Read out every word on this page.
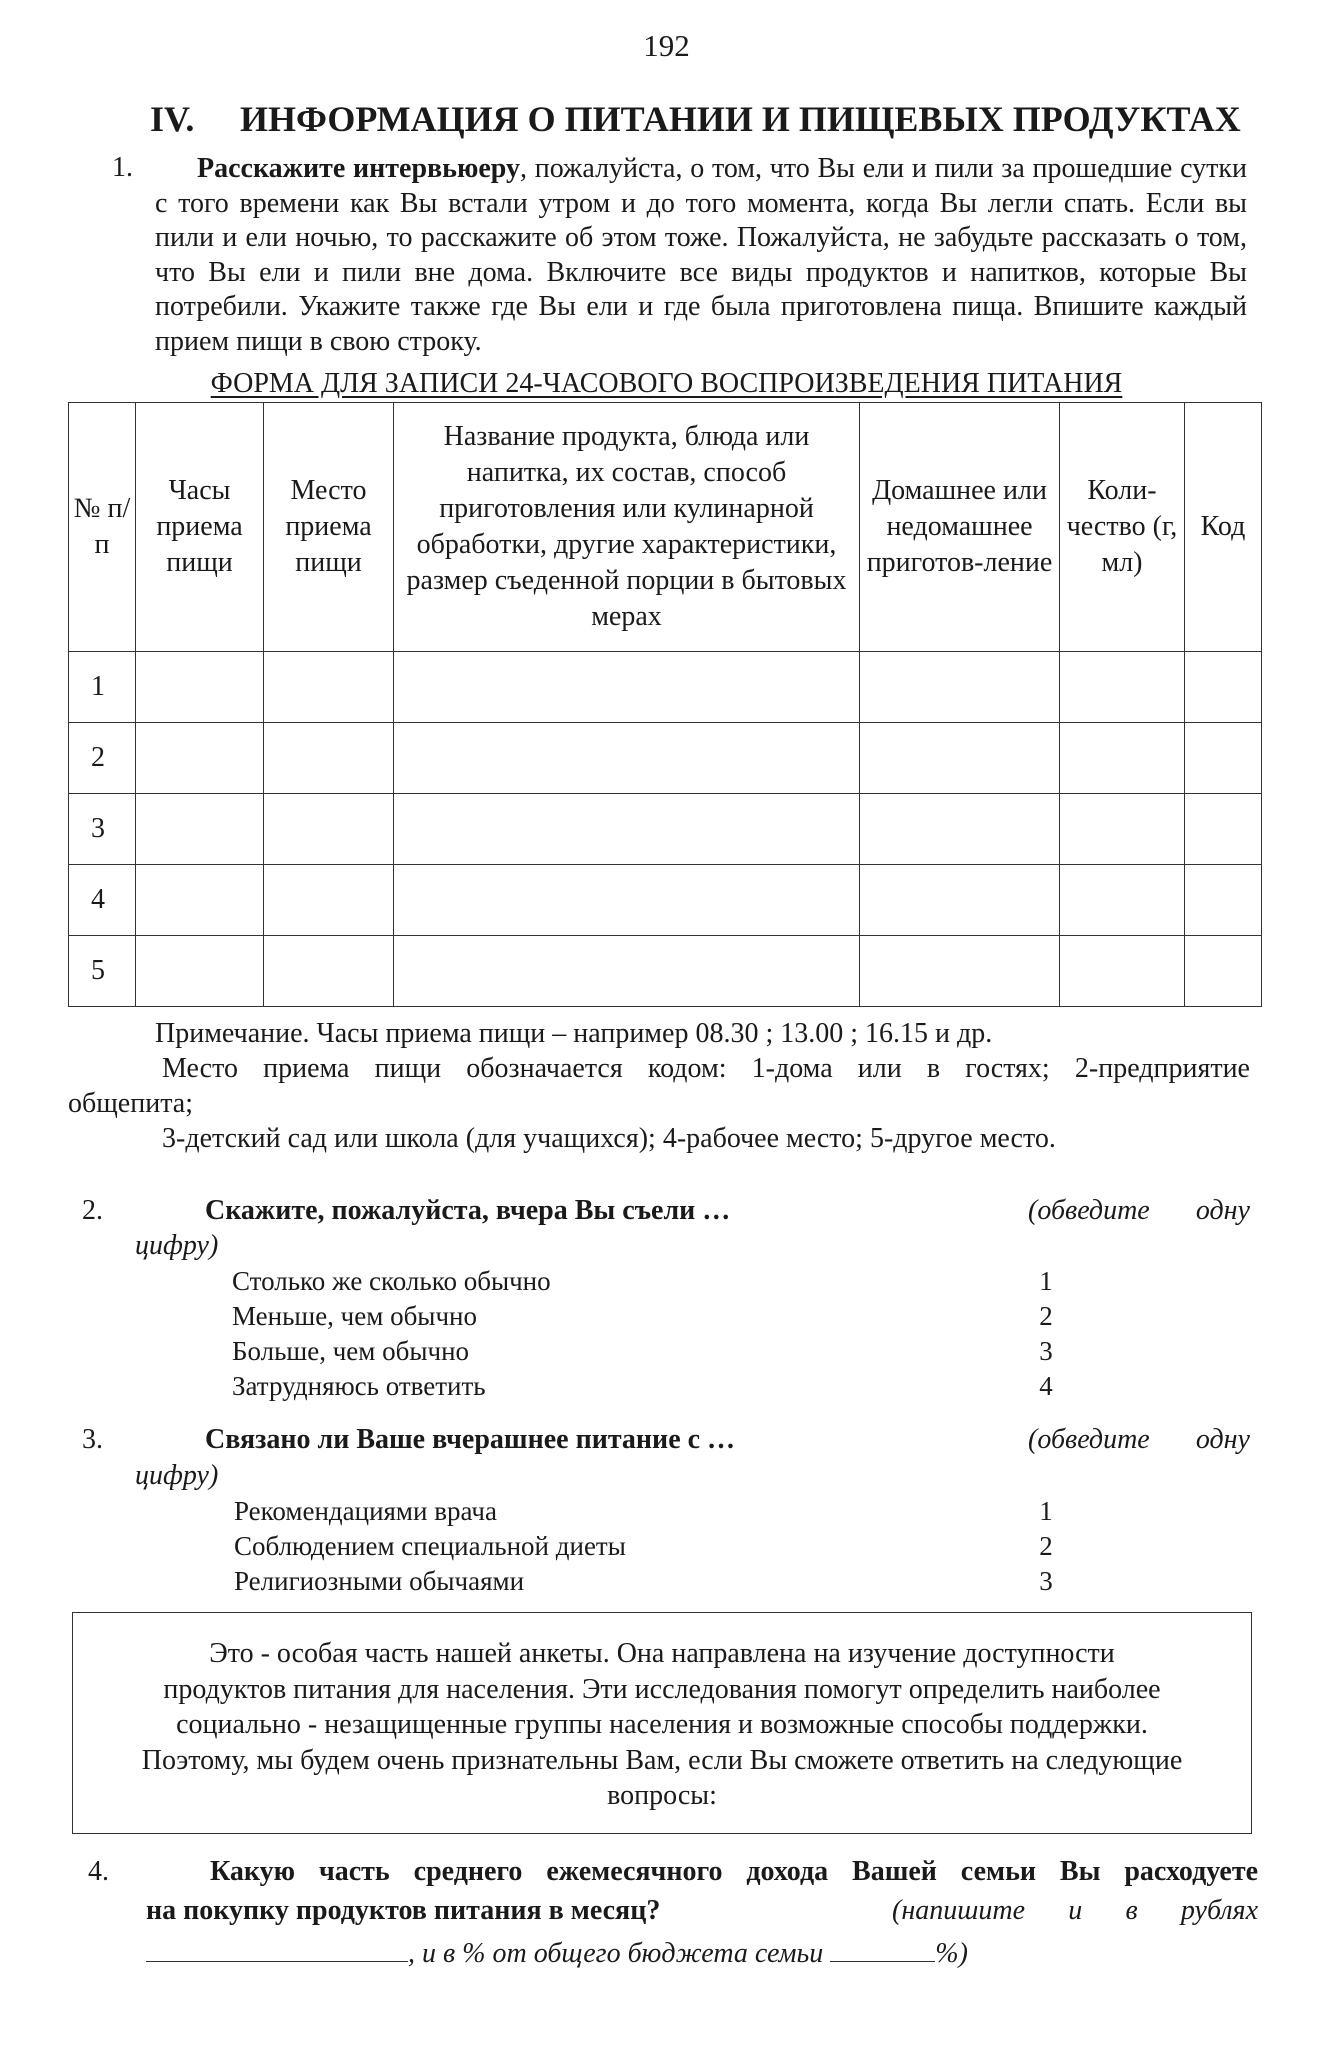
192
IV. ИНФОРМАЦИЯ О ПИТАНИИ И ПИЩЕВЫХ ПРОДУКТАХ
1.	Расскажите интервьюеру, пожалуйста, о том, что Вы ели и пили за прошедшие сутки с того времени как Вы встали утром и до того момента, когда Вы легли спать. Если вы пили и ели ночью, то расскажите об этом тоже. Пожалуйста, не забудьте рассказать о том, что Вы ели и пили вне дома. Включите все виды продуктов и напитков, которые Вы потребили. Укажите также где Вы ели и где была приготовлена пища. Впишите каждый прием пищи в свою строку.

ФОРМА ДЛЯ ЗАПИСИ 24-ЧАСОВОГО ВОСПРОИЗВЕДЕНИЯ ПИТАНИЯ
№ п/п	Часы приема пищи	Место приема пищи	Название продукта, блюда или напитка, их состав, способ приготовления или кулинарной обработки, другие характеристики, размер съеденной порции в бытовых мерах	Домашнее или недомашнее приготов-ление	Коли-чество (г, мл)	Код
1						
2						
3						
4						
5						
Примечание. Часы приема пищи – например 08.30 ; 13.00 ; 16.15 и др.
Место приема пищи обозначается кодом: 1-дома или в гостях; 2-предприятие
общепита;
3-детский сад или школа (для учащихся); 4-рабочее место; 5-другое место.
2.	Скажите, пожалуйста, вчера Вы съели …	(обведите одну
цифру)
Столько же сколько обычно	1
Меньше, чем обычно	2
Больше, чем обычно	3
Затрудняюсь ответить	4
3.	Связано ли Ваше вчерашнее питание с …	(обведите одну
цифру)
Рекомендациями врача	1
Соблюдением специальной диеты	2
Религиозными обычаями	3
Это - особая часть нашей анкеты. Она направлена на изучение доступности
продуктов питания для населения. Эти исследования помогут определить наиболее
социально - незащищенные группы населения и возможные способы поддержки.
Поэтому, мы будем очень признательны Вам, если Вы сможете ответить на следующие
вопросы:
4.	Какую часть среднего ежемесячного дохода Вашей семьи Вы расходуете
на покупку продуктов питания в месяц?	(напишите и в рублях
, и в % от общего бюджета семьи	%)
